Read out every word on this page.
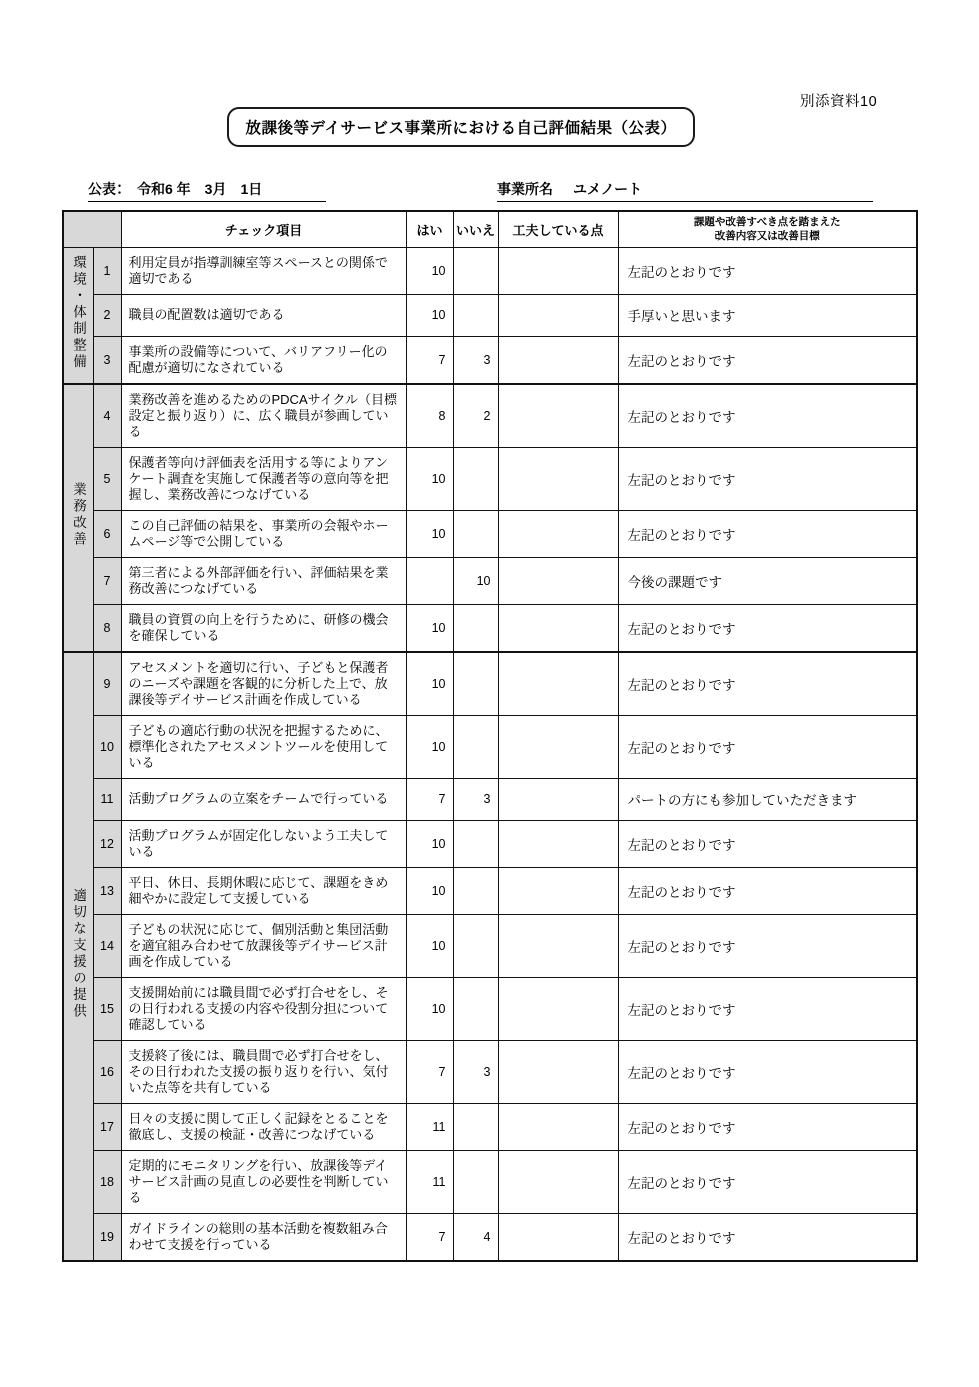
別添資料10
放課後等デイサービス事業所における自己評価結果（公表）
公表：　 令和6 年　3月　1日	事業所名 ユメノート
		チェック項目	はい	いいえ	工夫している点	課題や改善すべき点を踏まえた
改善内容又は改善目標
環境・体制整備	1	利用定員が指導訓練室等スペースとの関係で適切である	10			左記のとおりです
	2	職員の配置数は適切である	10			手厚いと思います
	3	事業所の設備等について、バリアフリー化の配慮が適切になされている	7	3		左記のとおりです
業務改善	4	業務改善を進めるためのPDCAサイクル（目標設定と振り返り）に、広く職員が参画している	8	2		左記のとおりです
	5	保護者等向け評価表を活用する等によりアンケート調査を実施して保護者等の意向等を把握し、業務改善につなげている	10			左記のとおりです
	6	この自己評価の結果を、事業所の会報やホームページ等で公開している	10			左記のとおりです
	7	第三者による外部評価を行い、評価結果を業務改善につなげている		10		今後の課題です
	8	職員の資質の向上を行うために、研修の機会を確保している	10			左記のとおりです
適切な支援の提供	9	アセスメントを適切に行い、子どもと保護者のニーズや課題を客観的に分析した上で、放課後等デイサービス計画を作成している	10			左記のとおりです
	10	子どもの適応行動の状況を把握するために、標準化されたアセスメントツールを使用している	10			左記のとおりです
	11	活動プログラムの立案をチームで行っている	7	3		パートの方にも参加していただきます
	12	活動プログラムが固定化しないよう工夫している	10			左記のとおりです
	13	平日、休日、長期休暇に応じて、課題をきめ細やかに設定して支援している	10			左記のとおりです
	14	子どもの状況に応じて、個別活動と集団活動を適宜組み合わせて放課後等デイサービス計画を作成している	10			左記のとおりです
	15	支援開始前には職員間で必ず打合せをし、その日行われる支援の内容や役割分担について確認している	10			左記のとおりです
	16	支援終了後には、職員間で必ず打合せをし、その日行われた支援の振り返りを行い、気付いた点等を共有している	7	3		左記のとおりです
	17	日々の支援に関して正しく記録をとることを徹底し、支援の検証・改善につなげている	11			左記のとおりです
	18	定期的にモニタリングを行い、放課後等デイサービス計画の見直しの必要性を判断している	11			左記のとおりです
	19	ガイドラインの総則の基本活動を複数組み合わせて支援を行っている	7	4		左記のとおりです
